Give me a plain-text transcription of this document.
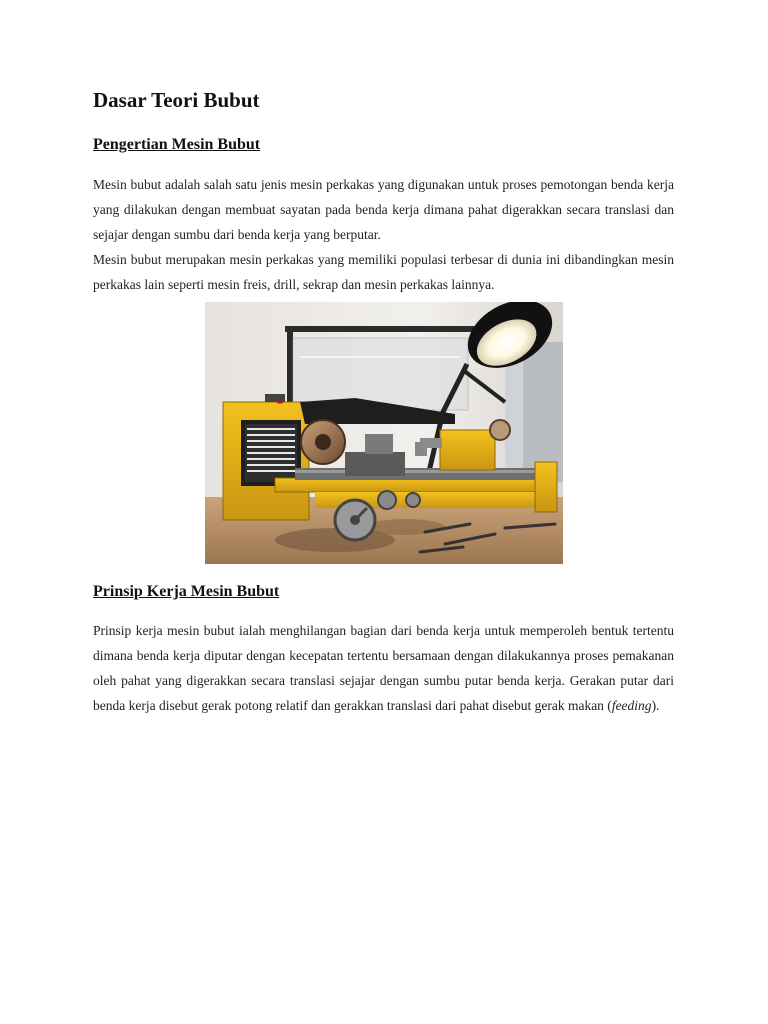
Dasar Teori Bubut
Pengertian Mesin Bubut

Mesin bubut adalah salah satu jenis mesin perkakas yang digunakan untuk proses pemotongan benda kerja yang dilakukan dengan membuat sayatan pada benda kerja dimana pahat digerakkan secara translasi dan sejajar dengan sumbu dari benda kerja yang berputar.

Mesin bubut merupakan mesin perkakas yang memiliki populasi terbesar di dunia ini dibandingkan mesin perkakas lain seperti mesin freis, drill, sekrap dan mesin perkakas lainnya.

Prinsip Kerja Mesin Bubut

Prinsip kerja mesin bubut ialah menghilangan bagian dari benda kerja untuk memperoleh bentuk tertentu dimana benda kerja diputar dengan kecepatan tertentu bersamaan dengan dilakukannya proses pemakanan oleh pahat yang digerakkan secara translasi sejajar dengan sumbu putar benda kerja. Gerakan putar dari benda kerja disebut gerak potong relatif dan gerakkan translasi dari pahat disebut gerak makan (feeding).
